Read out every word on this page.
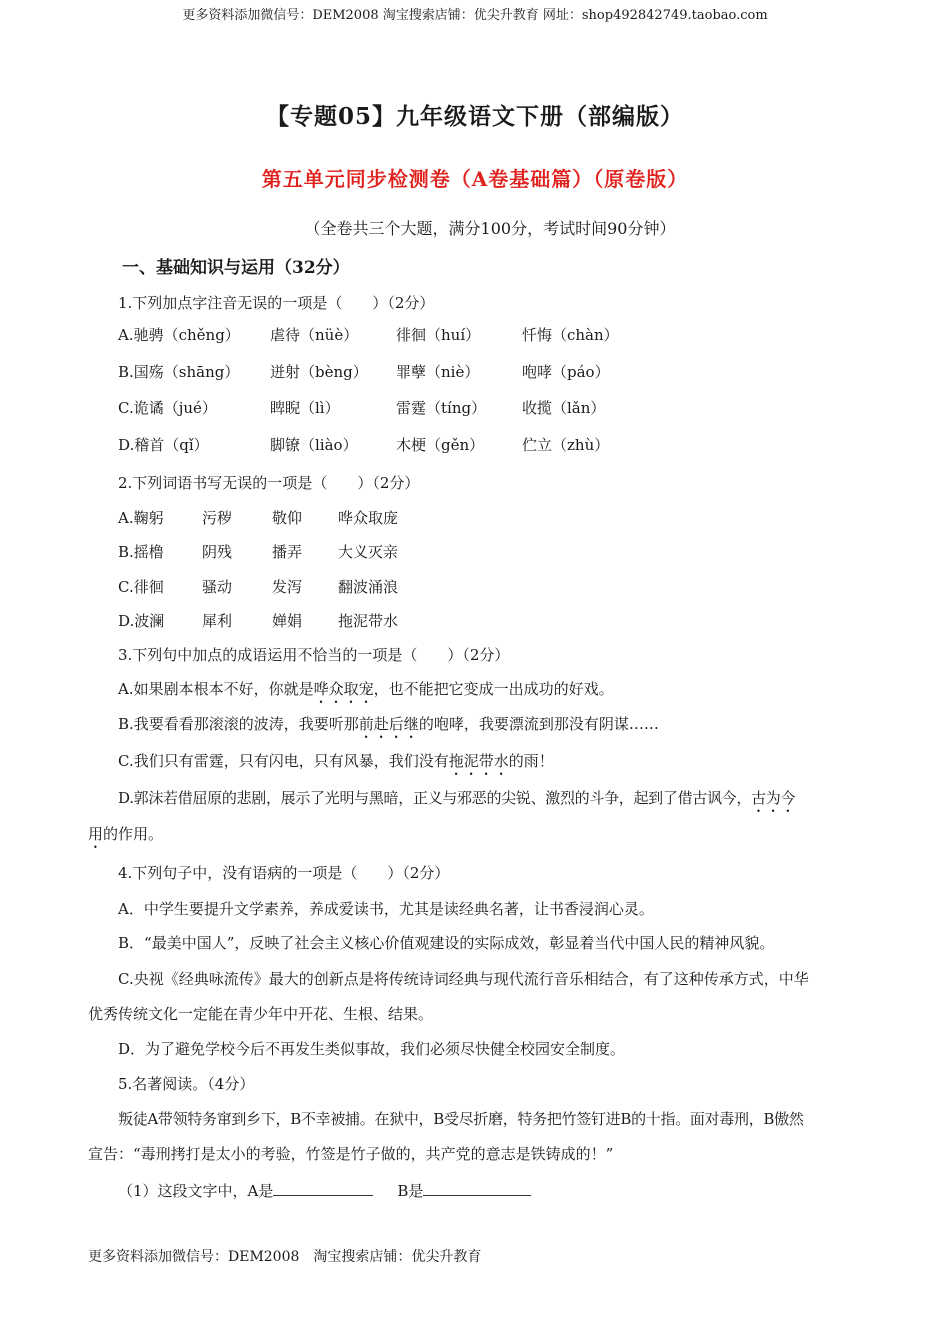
更多资料添加微信号：DEM2008 淘宝搜索店铺：优尖升教育 网址：shop492842749.taobao.com
【专题05】九年级语文下册（部编版）
第五单元同步检测卷（A卷基础篇）（原卷版）
（全卷共三个大题，满分100分，考试时间90分钟）
一、基础知识与运用（32分）
1.下列加点字注音无误的一项是（　　）（2分）
A.驰骋（chěng） 虐待（nüè）	徘徊（huí）	忏悔（chàn）
B.国殇（shāng） 迸射（bèng） 罪孽（niè）	咆哮（páo）
C.诡谲（jué）	睥睨（lì）	雷霆（tíng） 收揽（lǎn）
D.稽首（qǐ）	脚镣（liào）	木梗（gěn）	伫立（zhù）
2.下列词语书写无误的一项是（　　）（2分）
A.鞠躬	污秽	敬仰 哗众取庞
B.摇橹	阴残	播弄 大义灭亲
C.徘徊	骚动	发泻 翻波涌浪
D.波澜	犀利	婵娟 拖泥带水
3.下列句中加点的成语运用不恰当的一项是（　　）（2分）
A.如果剧本根本不好，你就是哗众取宠，也不能把它变成一出成功的好戏。
B.我要看看那滚滚的波涛，我要听那前赴后继的咆哮，我要漂流到那没有阴谋……
C.我们只有雷霆，只有闪电，只有风暴，我们没有拖泥带水的雨！
D.郭沫若借屈原的悲剧，展示了光明与黑暗，正义与邪恶的尖锐、激烈的斗争，起到了借古讽今，古为今
用的作用。
4.下列句子中，没有语病的一项是（　　）（2分）
A．中学生要提升文学素养，养成爱读书，尤其是读经典名著，让书香浸润心灵。
B．“最美中国人”，反映了社会主义核心价值观建设的实际成效，彰显着当代中国人民的精神风貌。
C.央视《经典咏流传》最大的创新点是将传统诗词经典与现代流行音乐相结合，有了这种传承方式，中华
优秀传统文化一定能在青少年中开花、生根、结果。
D．为了避免学校今后不再发生类似事故，我们必须尽快健全校园安全制度。
5.名著阅读。（4分）
叛徒A带领特务窜到乡下，B不幸被捕。在狱中，B受尽折磨，特务把竹签钉进B的十指。面对毒刑，B傲然
宣告：“毒刑拷打是太小的考验，竹签是竹子做的，共产党的意志是铁铸成的！”
（1）这段文字中，A是	B是
更多资料添加微信号：DEM2008　淘宝搜索店铺：优尖升教育
